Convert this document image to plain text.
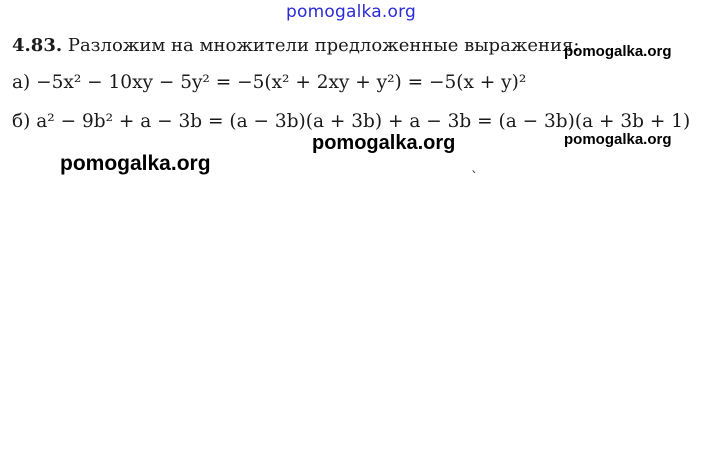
pomogalka.org
4.83. Разложим на множители предложенные выражения:
pomogalka.org
а) −5x² − 10xy − 5y² = −5(x² + 2xy + y²) = −5(x + y)²
б) a² − 9b² + a − 3b = (a − 3b)(a + 3b) + a − 3b = (a − 3b)(a + 3b + 1)
pomogalka.org	pomogalka.org
pomogalka.org
`
